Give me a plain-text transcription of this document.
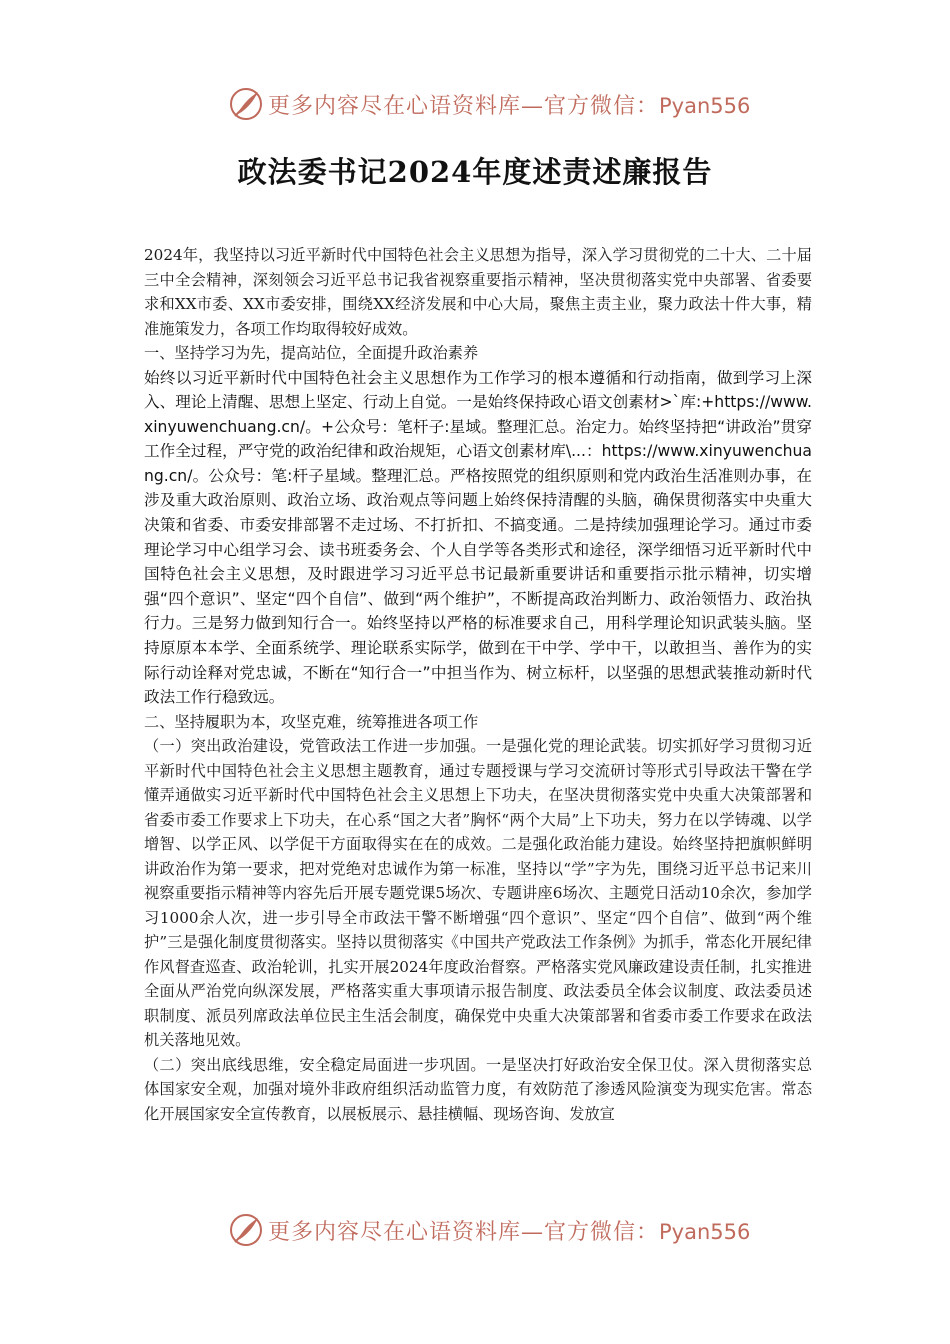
更多内容尽在心语资料库—官方微信：Pyan556
政法委书记2024年度述责述廉报告

2024年，我坚持以习近平新时代中国特色社会主义思想为指导，深入学习贯彻党的二十大、二十届三中全会精神，深刻领会习近平总书记我省视察重要指示精神，坚决贯彻落实党中央部署、省委要求和XX市委、XX市委安排，围绕XX经济发展和中心大局，聚焦主责主业，聚力政法十件大事，精准施策发力，各项工作均取得较好成效。

一、坚持学习为先，提高站位，全面提升政治素养

始终以习近平新时代中国特色社会主义思想作为工作学习的根本遵循和行动指南，做到学习上深入、理论上清醒、思想上坚定、行动上自觉。一是始终保持政心语文创素材>`库:+https://www.xinyuwenchuang.cn/。+公众号：笔杆子:星域。整理汇总。治定力。始终坚持把“讲政治”贯穿工作全过程，严守党的政治纪律和政治规矩，心语文创素材库\...：https://www.xinyuwenchuang.cn/。公众号：笔:杆子星域。整理汇总。严格按照党的组织原则和党内政治生活准则办事，在涉及重大政治原则、政治立场、政治观点等问题上始终保持清醒的头脑，确保贯彻落实中央重大决策和省委、市委安排部署不走过场、不打折扣、不搞变通。二是持续加强理论学习。通过市委理论学习中心组学习会、读书班委务会、个人自学等各类形式和途径，深学细悟习近平新时代中国特色社会主义思想，及时跟进学习习近平总书记最新重要讲话和重要指示批示精神，切实增强“四个意识”、坚定“四个自信”、做到“两个维护”，不断提高政治判断力、政治领悟力、政治执行力。三是努力做到知行合一。始终坚持以严格的标准要求自己，用科学理论知识武装头脑。坚持原原本本学、全面系统学、理论联系实际学，做到在干中学、学中干，以敢担当、善作为的实际行动诠释对党忠诚，不断在“知行合一”中担当作为、树立标杆，以坚强的思想武装推动新时代政法工作行稳致远。

二、坚持履职为本，攻坚克难，统筹推进各项工作

（一）突出政治建设，党管政法工作进一步加强。一是强化党的理论武装。切实抓好学习贯彻习近平新时代中国特色社会主义思想主题教育，通过专题授课与学习交流研讨等形式引导政法干警在学懂弄通做实习近平新时代中国特色社会主义思想上下功夫，在坚决贯彻落实党中央重大决策部署和省委市委工作要求上下功夫，在心系“国之大者”胸怀“两个大局”上下功夫，努力在以学铸魂、以学增智、以学正风、以学促干方面取得实在在的成效。二是强化政治能力建设。始终坚持把旗帜鲜明讲政治作为第一要求，把对党绝对忠诚作为第一标准，坚持以“学”字为先，围绕习近平总书记来川视察重要指示精神等内容先后开展专题党课5场次、专题讲座6场次、主题党日活动10余次，参加学习1000余人次，进一步引导全市政法干警不断增强“四个意识”、坚定“四个自信”、做到“两个维护”三是强化制度贯彻落实。坚持以贯彻落实《中国共产党政法工作条例》为抓手，常态化开展纪律作风督查巡查、政治轮训，扎实开展2024年度政治督察。严格落实党风廉政建设责任制，扎实推进全面从严治党向纵深发展，严格落实重大事项请示报告制度、政法委员全体会议制度、政法委员述职制度、派员列席政法单位民主生活会制度，确保党中央重大决策部署和省委市委工作要求在政法机关落地见效。

（二）突出底线思维，安全稳定局面进一步巩固。一是坚决打好政治安全保卫仗。深入贯彻落实总体国家安全观，加强对境外非政府组织活动监管力度，有效防范了渗透风险演变为现实危害。常态化开展国家安全宣传教育，以展板展示、悬挂横幅、现场咨询、发放宣

更多内容尽在心语资料库—官方微信：Pyan556
